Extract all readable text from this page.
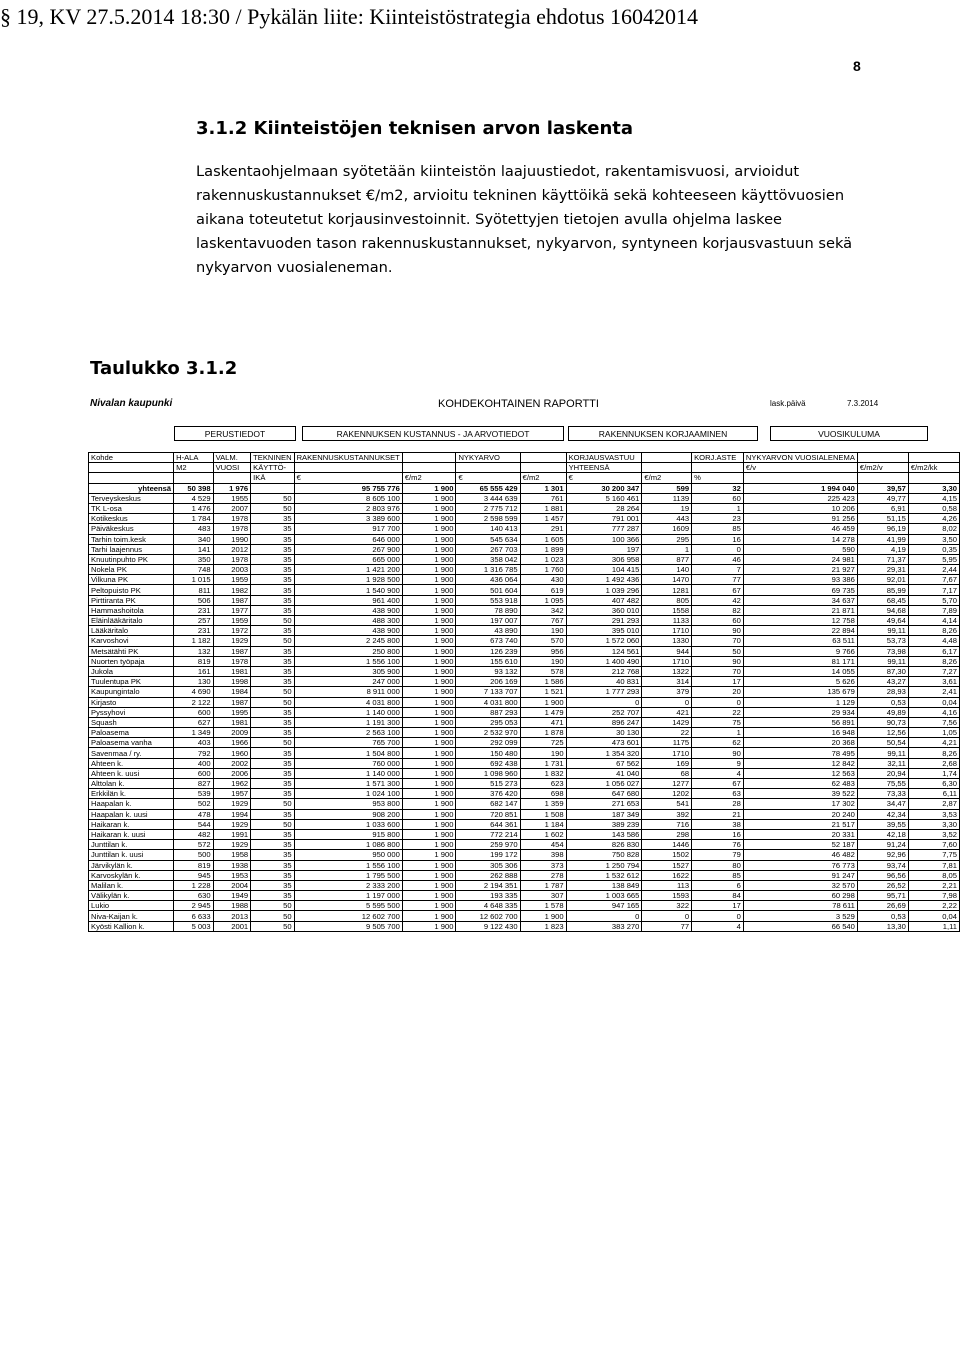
§ 19, KV 27.5.2014 18:30 / Pykälän liite: Kiinteistöstrategia ehdotus 16042014
8
3.1.2 Kiinteistöjen teknisen arvon laskenta
Laskentaohjelmaan syötetään kiinteistön laajuustiedot, rakentamisvuosi, arvioidut rakennuskustannukset €/m2, arvioitu tekninen käyttöikä sekä kohteeseen käyttövuosien aikana toteutetut korjausinvestoinnit. Syötettyjen tietojen avulla ohjelma laskee laskentavuoden tason rakennuskustannukset, nykyarvon, syntyneen korjausvastuun sekä nykyarvon vuosialeneman.
Taulukko 3.1.2
Nivalan kaupunki	KOHDEKOHTAINEN RAPORTTI	lask.päivä	7.3.2014
PERUSTIEDOT	RAKENNUKSEN KUSTANNUS - JA ARVOTIEDOT	RAKENNUKSEN KORJAAMINEN	VUOSIKULUMA
Kohde	H-ALA	VALM.	TEKNINEN	RAKENNUSKUSTANNUKSET		NYKYARVO		KORJAUSVASTUU		KORJ.ASTE	NYKYARVON VUOSIALENEMA		
	M2	VUOSI	KÄYTTÖ-					YHTEENSÄ			€/v	€/m2/v	€/m2/kk
			IKÄ	€	€/m2	€	€/m2	€	€/m2	%			
yhteensä	50 398	1 976		95 755 776	1 900	65 555 429	1 301	30 200 347	599	32	1 994 040	39,57	3,30
Terveyskeskus	4 529	1955	50	8 605 100	1 900	3 444 639	761	5 160 461	1139	60	225 423	49,77	4,15
TK L-osa	1 476	2007	50	2 803 976	1 900	2 775 712	1 881	28 264	19	1	10 206	6,91	0,58
Kotikeskus	1 784	1978	35	3 389 600	1 900	2 598 599	1 457	791 001	443	23	91 256	51,15	4,26
Päiväkeskus	483	1978	35	917 700	1 900	140 413	291	777 287	1609	85	46 459	96,19	8,02
Tarhin toim.kesk	340	1990	35	646 000	1 900	545 634	1 605	100 366	295	16	14 278	41,99	3,50
Tarhi laajennus	141	2012	35	267 900	1 900	267 703	1 899	197	1	0	590	4,19	0,35
Knuutinpuhto PK	350	1978	35	665 000	1 900	358 042	1 023	306 958	877	46	24 981	71,37	5,95
Nokela PK	748	2003	35	1 421 200	1 900	1 316 785	1 760	104 415	140	7	21 927	29,31	2,44
Vilkuna PK	1 015	1959	35	1 928 500	1 900	436 064	430	1 492 436	1470	77	93 386	92,01	7,67
Peltopuisto PK	811	1982	35	1 540 900	1 900	501 604	619	1 039 296	1281	67	69 735	85,99	7,17
Pirttiranta PK	506	1987	35	961 400	1 900	553 918	1 095	407 482	805	42	34 637	68,45	5,70
Hammashoitola	231	1977	35	438 900	1 900	78 890	342	360 010	1558	82	21 871	94,68	7,89
Eläinlääkäritalo	257	1959	50	488 300	1 900	197 007	767	291 293	1133	60	12 758	49,64	4,14
Lääkäritalo	231	1972	35	438 900	1 900	43 890	190	395 010	1710	90	22 894	99,11	8,26
Karvoshovi	1 182	1929	50	2 245 800	1 900	673 740	570	1 572 060	1330	70	63 511	53,73	4,48
Metsätähti PK	132	1987	35	250 800	1 900	126 239	956	124 561	944	50	9 766	73,98	6,17
Nuorten työpaja	819	1978	35	1 556 100	1 900	155 610	190	1 400 490	1710	90	81 171	99,11	8,26
Jukola	161	1981	35	305 900	1 900	93 132	578	212 768	1322	70	14 055	87,30	7,27
Tuulentupa PK	130	1998	35	247 000	1 900	206 169	1 586	40 831	314	17	5 626	43,27	3,61
Kaupungintalo	4 690	1984	50	8 911 000	1 900	7 133 707	1 521	1 777 293	379	20	135 679	28,93	2,41
Kirjasto	2 122	1987	50	4 031 800	1 900	4 031 800	1 900	0	0	0	1 129	0,53	0,04
Pyssyhovi	600	1995	35	1 140 000	1 900	887 293	1 479	252 707	421	22	29 934	49,89	4,16
Squash	627	1981	35	1 191 300	1 900	295 053	471	896 247	1429	75	56 891	90,73	7,56
Paloasema	1 349	2009	35	2 563 100	1 900	2 532 970	1 878	30 130	22	1	16 948	12,56	1,05
Paloasema vanha	403	1966	50	765 700	1 900	292 099	725	473 601	1175	62	20 368	50,54	4,21
Savenmaa / ry.	792	1960	35	1 504 800	1 900	150 480	190	1 354 320	1710	90	78 495	99,11	8,26
Ahteen k.	400	2002	35	760 000	1 900	692 438	1 731	67 562	169	9	12 842	32,11	2,68
Ahteen k. uusi	600	2006	35	1 140 000	1 900	1 098 960	1 832	41 040	68	4	12 563	20,94	1,74
Alttolan k.	827	1962	35	1 571 300	1 900	515 273	623	1 056 027	1277	67	62 483	75,55	6,30
Erkkilän k.	539	1957	35	1 024 100	1 900	376 420	698	647 680	1202	63	39 522	73,33	6,11
Haapalan k.	502	1929	50	953 800	1 900	682 147	1 359	271 653	541	28	17 302	34,47	2,87
Haapalan k. uusi	478	1994	35	908 200	1 900	720 851	1 508	187 349	392	21	20 240	42,34	3,53
Haikaran k.	544	1929	50	1 033 600	1 900	644 361	1 184	389 239	716	38	21 517	39,55	3,30
Haikaran k. uusi	482	1991	35	915 800	1 900	772 214	1 602	143 586	298	16	20 331	42,18	3,52
Junttilan k.	572	1929	35	1 086 800	1 900	259 970	454	826 830	1446	76	52 187	91,24	7,60
Junttilan k. uusi	500	1958	35	950 000	1 900	199 172	398	750 828	1502	79	46 482	92,96	7,75
Järvikylän k.	819	1938	35	1 556 100	1 900	305 306	373	1 250 794	1527	80	76 773	93,74	7,81
Karvoskylän k.	945	1953	35	1 795 500	1 900	262 888	278	1 532 612	1622	85	91 247	96,56	8,05
Malilan k.	1 228	2004	35	2 333 200	1 900	2 194 351	1 787	138 849	113	6	32 570	26,52	2,21
Välikylän k.	630	1949	35	1 197 000	1 900	193 335	307	1 003 665	1593	84	60 298	95,71	7,98
Lukio	2 945	1988	50	5 595 500	1 900	4 648 335	1 578	947 165	322	17	78 611	26,69	2,22
Niva-Kaijan k.	6 633	2013	50	12 602 700	1 900	12 602 700	1 900	0	0	0	3 529	0,53	0,04
Kyösti Kallion k.	5 003	2001	50	9 505 700	1 900	9 122 430	1 823	383 270	77	4	66 540	13,30	1,11
